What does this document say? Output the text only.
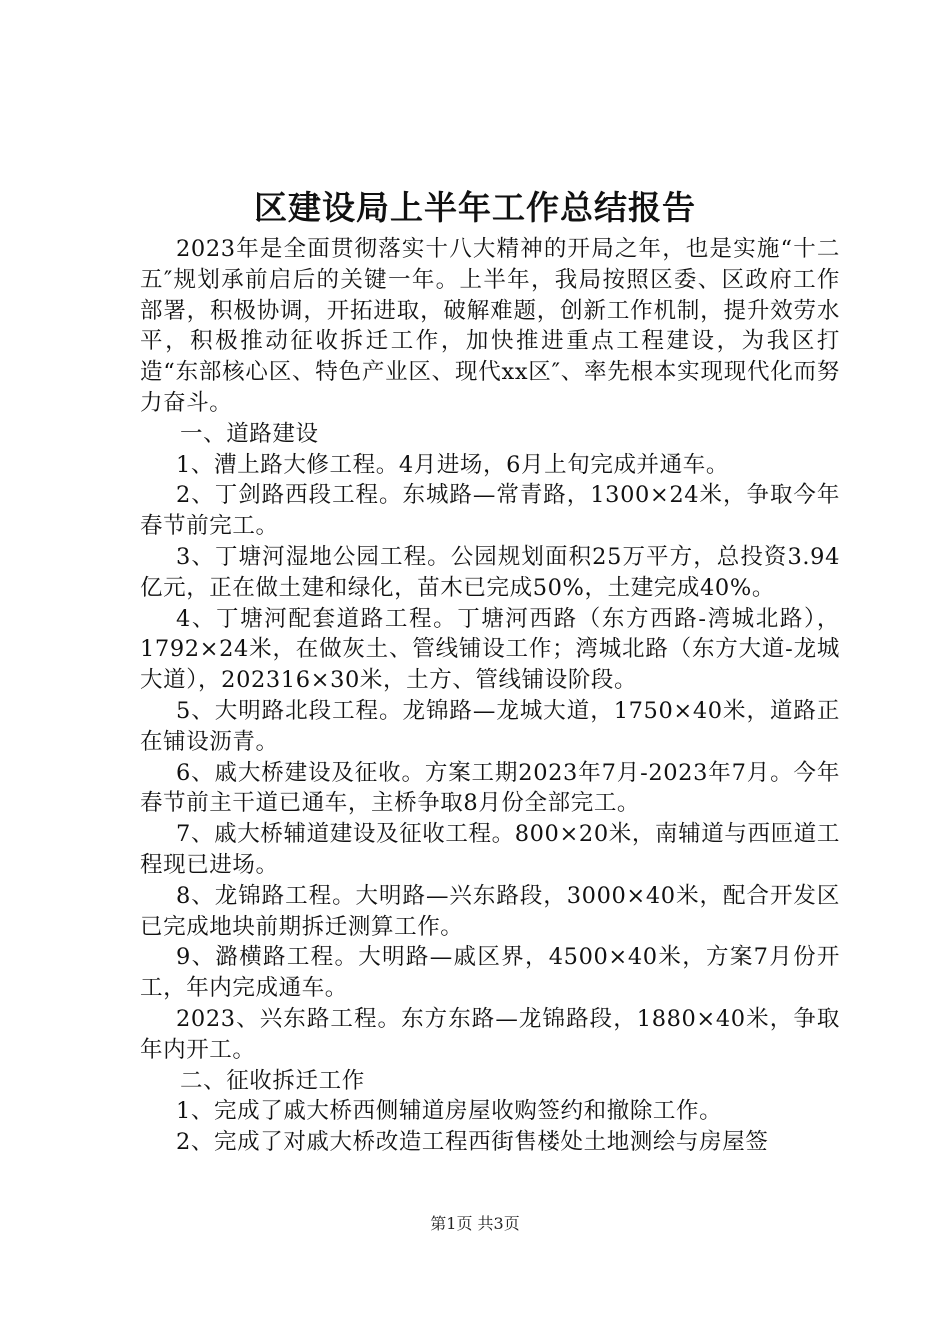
区建设局上半年工作总结报告

2023年是全面贯彻落实十八大精神的开局之年，也是实施“十二五″规划承前启后的关键一年。上半年，我局按照区委、区政府工作部署，积极协调，开拓进取，破解难题，创新工作机制，提升效劳水平，积极推动征收拆迁工作，加快推进重点工程建设，为我区打造“东部核心区、特色产业区、现代xx区″、率先根本实现现代化而努力奋斗。

一、道路建设

1、漕上路大修工程。4月进场，6月上旬完成并通车。

2、丁剑路西段工程。东城路—常青路，1300×24米，争取今年春节前完工。

3、丁塘河湿地公园工程。公园规划面积25万平方，总投资3.94亿元，正在做土建和绿化，苗木已完成50%，土建完成40%。

4、丁塘河配套道路工程。丁塘河西路（东方西路-湾城北路），1792×24米，在做灰土、管线铺设工作；湾城北路（东方大道-龙城大道），202316×30米，土方、管线铺设阶段。

5、大明路北段工程。龙锦路—龙城大道，1750×40米，道路正在铺设沥青。

6、戚大桥建设及征收。方案工期2023年7月-2023年7月。今年春节前主干道已通车，主桥争取8月份全部完工。

7、戚大桥辅道建设及征收工程。800×20米，南辅道与西匝道工程现已进场。

8、龙锦路工程。大明路—兴东路段，3000×40米，配合开发区已完成地块前期拆迁测算工作。

9、潞横路工程。大明路—戚区界，4500×40米，方案7月份开工，年内完成通车。

2023、兴东路工程。东方东路—龙锦路段，1880×40米，争取年内开工。

二、征收拆迁工作

1、完成了戚大桥西侧辅道房屋收购签约和撤除工作。

2、完成了对戚大桥改造工程西街售楼处土地测绘与房屋签

第1页 共3页
